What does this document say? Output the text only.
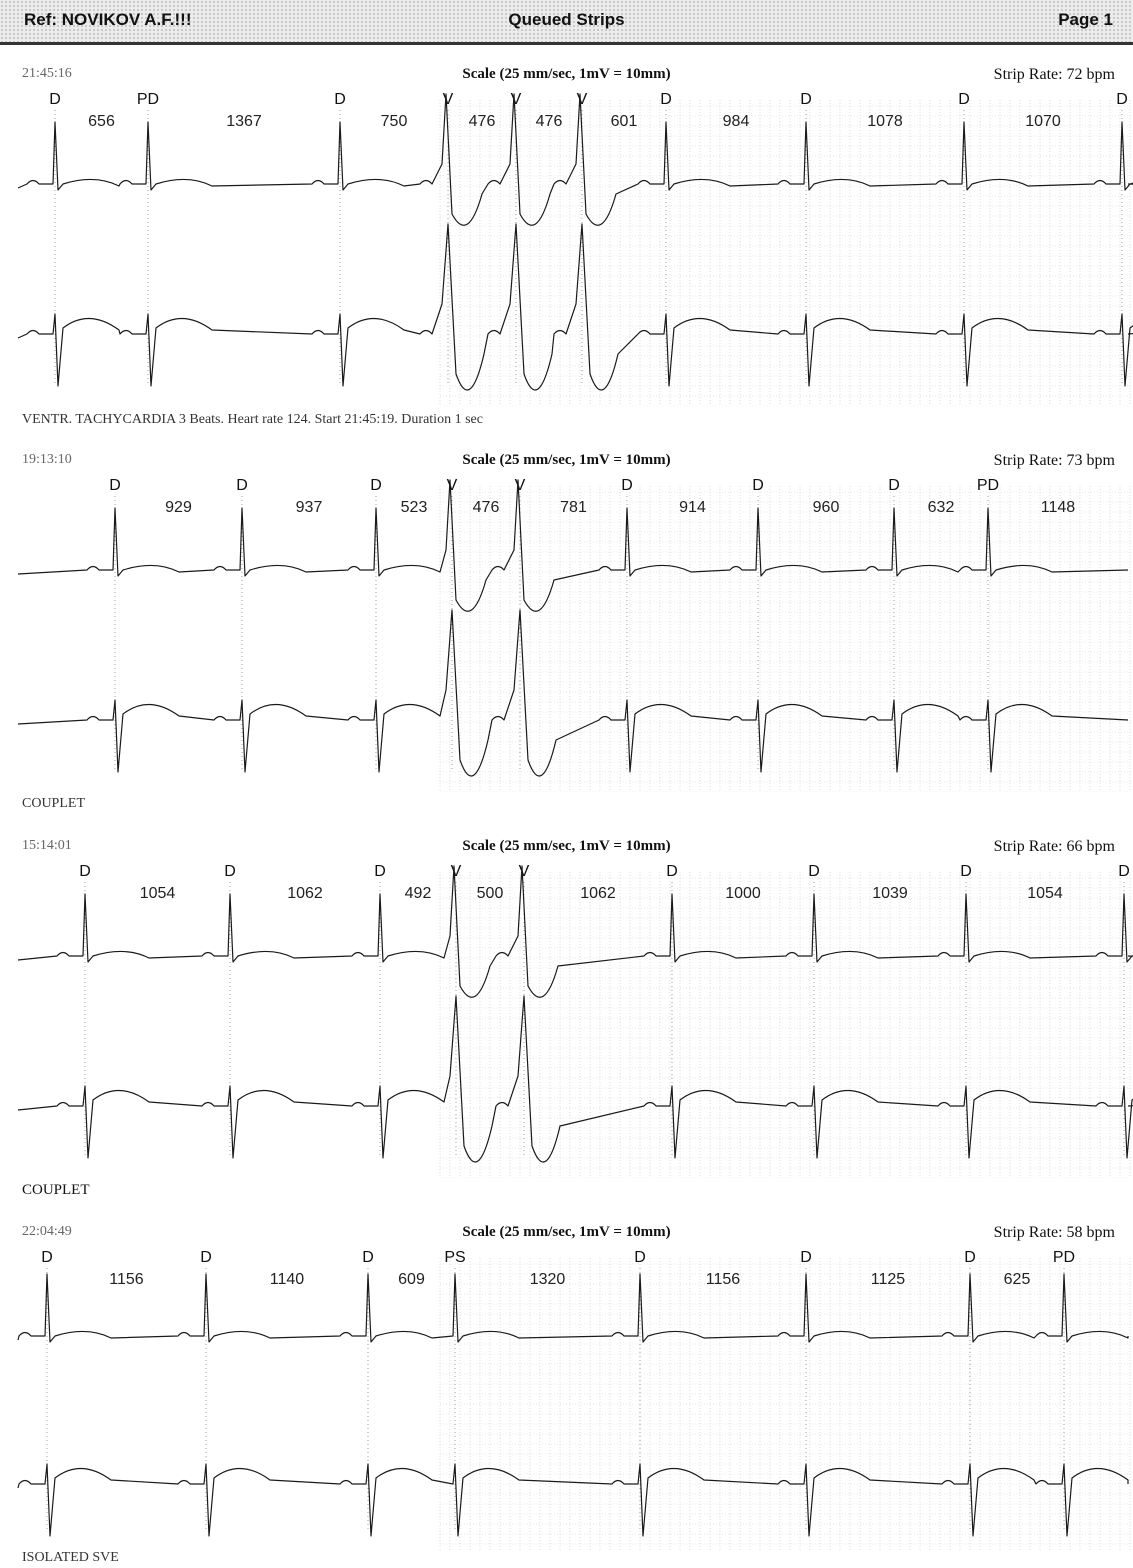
Ref: NOVIKOV A.F.!!!	Queued Strips	Page 1
21:45:16	Scale (25 mm/sec, 1mV = 10mm)	Strip Rate: 72 bpm
D	PD	D	V	V	V	D	D	D	D
656	1367	750	476	476	601	984	1078	1070
VENTR. TACHYCARDIA 3 Beats. Heart rate 124. Start 21:45:19. Duration 1 sec
19:13:10	Scale (25 mm/sec, 1mV = 10mm)	Strip Rate: 73 bpm
D	D	D	V	V	D	D	D	PD
929	937	523	476	781	914	960	632	1148
COUPLET
15:14:01	Scale (25 mm/sec, 1mV = 10mm)	Strip Rate: 66 bpm
D	D	D	V	V	D	D	D	D
1054	1062	492	500	1062	1000	1039	1054
COUPLET
22:04:49	Scale (25 mm/sec, 1mV = 10mm)	Strip Rate: 58 bpm
D	D	D	PS	D	D	D	PD
1156	1140	609	1320	1156	1125	625
ISOLATED SVE
